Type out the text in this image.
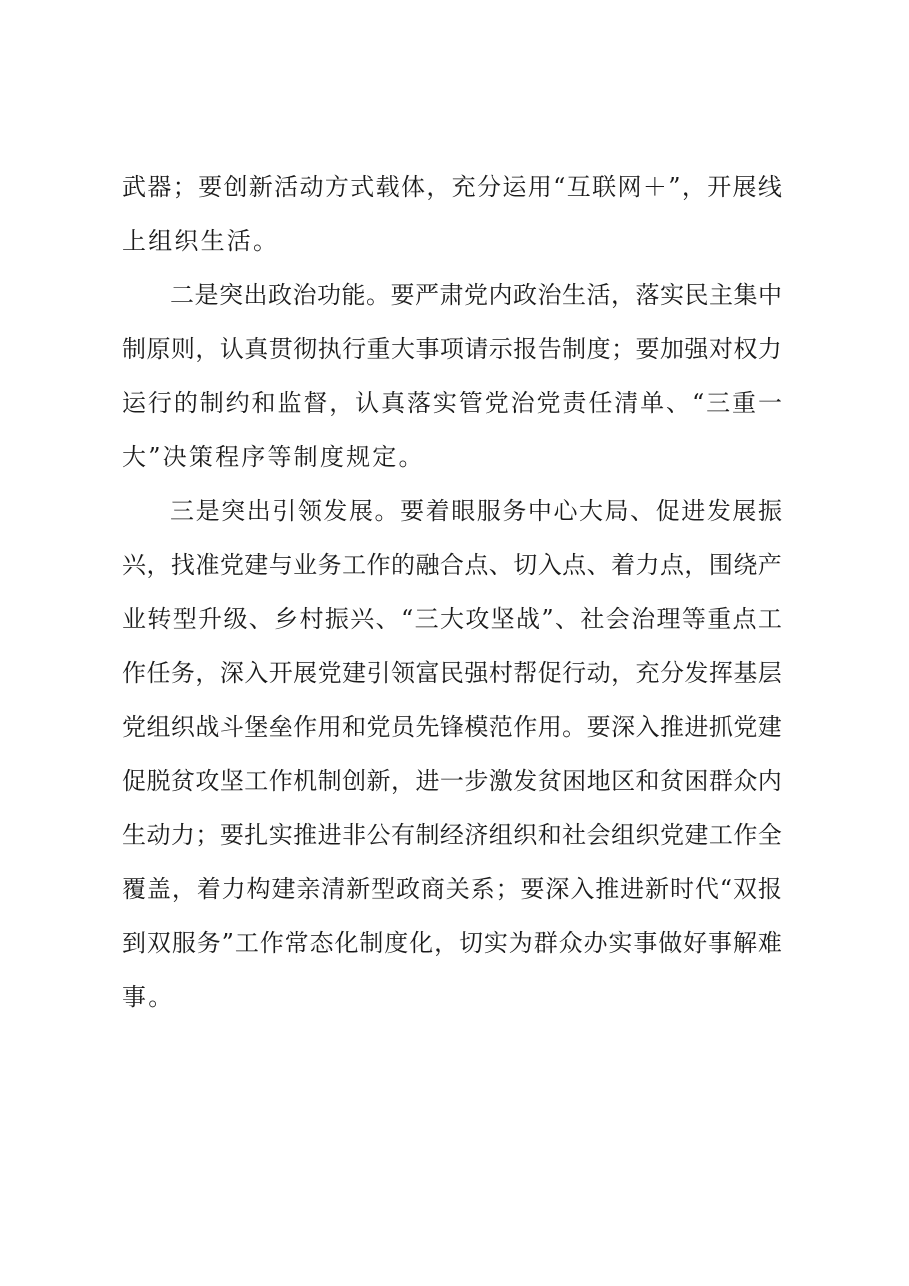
武 器 ； 要 创 新 活 动 方 式 载 体 ， 充 分 运 用 “ 互 联 网 ＋ ” ， 开 展 线
上组织生活。
二 是 突 出 政 治 功 能 。 要 严 肃 党 内 政 治 生 活 ， 落 实 民 主 集 中
制 原 则 ， 认 真 贯 彻 执 行 重 大 事 项 请 示 报 告 制 度 ； 要 加 强 对 权 力
运 行 的 制 约 和 监 督 ， 认 真 落 实 管 党 治 党 责 任 清 单 、 “ 三 重 一
大”决策程序等制度规定。
三 是 突 出 引 领 发 展 。 要 着 眼 服 务 中 心 大 局 、 促 进 发 展 振
兴 ， 找 准 党 建 与 业 务 工 作 的 融 合 点 、 切 入 点 、 着 力 点 ， 围 绕 产
业 转 型 升 级 、 乡 村 振 兴 、 “ 三 大 攻 坚 战 ” 、 社 会 治 理 等 重 点 工
作 任 务 ， 深 入 开 展 党 建 引 领 富 民 强 村 帮 促 行 动 ， 充 分 发 挥 基 层
党 组 织 战 斗 堡 垒 作 用 和 党 员 先 锋 模 范 作 用 。 要 深 入 推 进 抓 党 建
促 脱 贫 攻 坚 工 作 机 制 创 新 ， 进 一 步 激 发 贫 困 地 区 和 贫 困 群 众 内
生 动 力 ； 要 扎 实 推 进 非 公 有 制 经 济 组 织 和 社 会 组 织 党 建 工 作 全
覆 盖 ， 着 力 构 建 亲 清 新 型 政 商 关 系 ； 要 深 入 推 进 新 时 代 “ 双 报
到 双 服 务 ” 工 作 常 态 化 制 度 化 ， 切 实 为 群 众 办 实 事 做 好 事 解 难
事。
